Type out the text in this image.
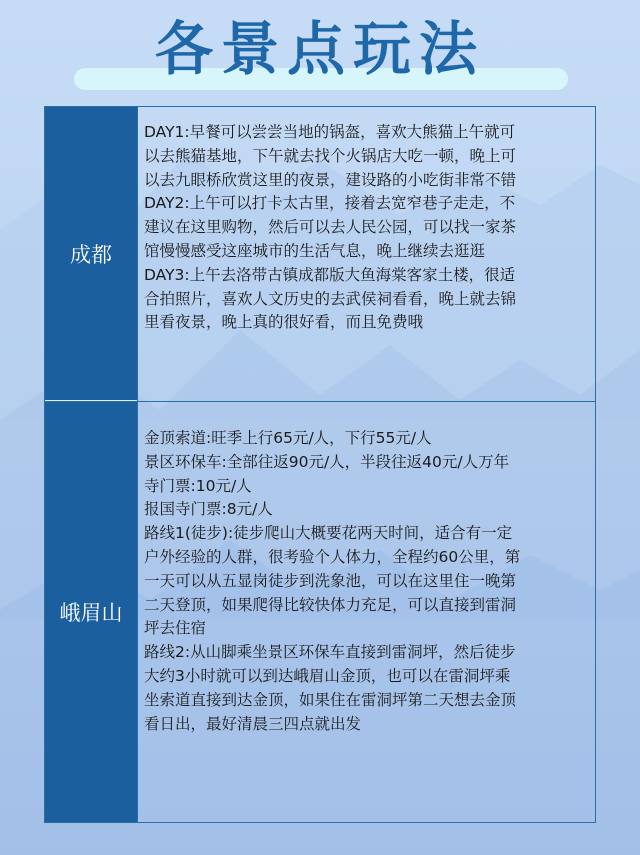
各景点玩法
成都
DAY1:早餐可以尝尝当地的锅盔，喜欢大熊猫上午就可
以去熊猫基地，下午就去找个火锅店大吃一顿，晚上可
以去九眼桥欣赏这里的夜景，建设路的小吃街非常不错
DAY2:上午可以打卡太古里，接着去宽窄巷子走走，不
建议在这里购物，然后可以去人民公园，可以找一家茶
馆慢慢感受这座城市的生活气息，晚上继续去逛逛
DAY3:上午去洛带古镇成都版大鱼海棠客家土楼，很适
合拍照片，喜欢人文历史的去武侯祠看看，晚上就去锦
里看夜景，晚上真的很好看，而且免费哦
峨眉山
金顶索道:旺季上行65元/人，下行55元/人
景区环保车:全部往返90元/人，半段往返40元/人万年
寺门票:10元/人
报国寺门票:8元/人
路线1(徒步):徒步爬山大概要花两天时间，适合有一定
户外经验的人群，很考验个人体力，全程约60公里，第
一天可以从五显岗徒步到洗象池，可以在这里住一晚第
二天登顶，如果爬得比较快体力充足，可以直接到雷洞
坪去住宿
路线2:从山脚乘坐景区环保车直接到雷洞坪，然后徒步
大约3小时就可以到达峨眉山金顶，也可以在雷洞坪乘
坐索道直接到达金顶，如果住在雷洞坪第二天想去金顶
看日出，最好清晨三四点就出发
